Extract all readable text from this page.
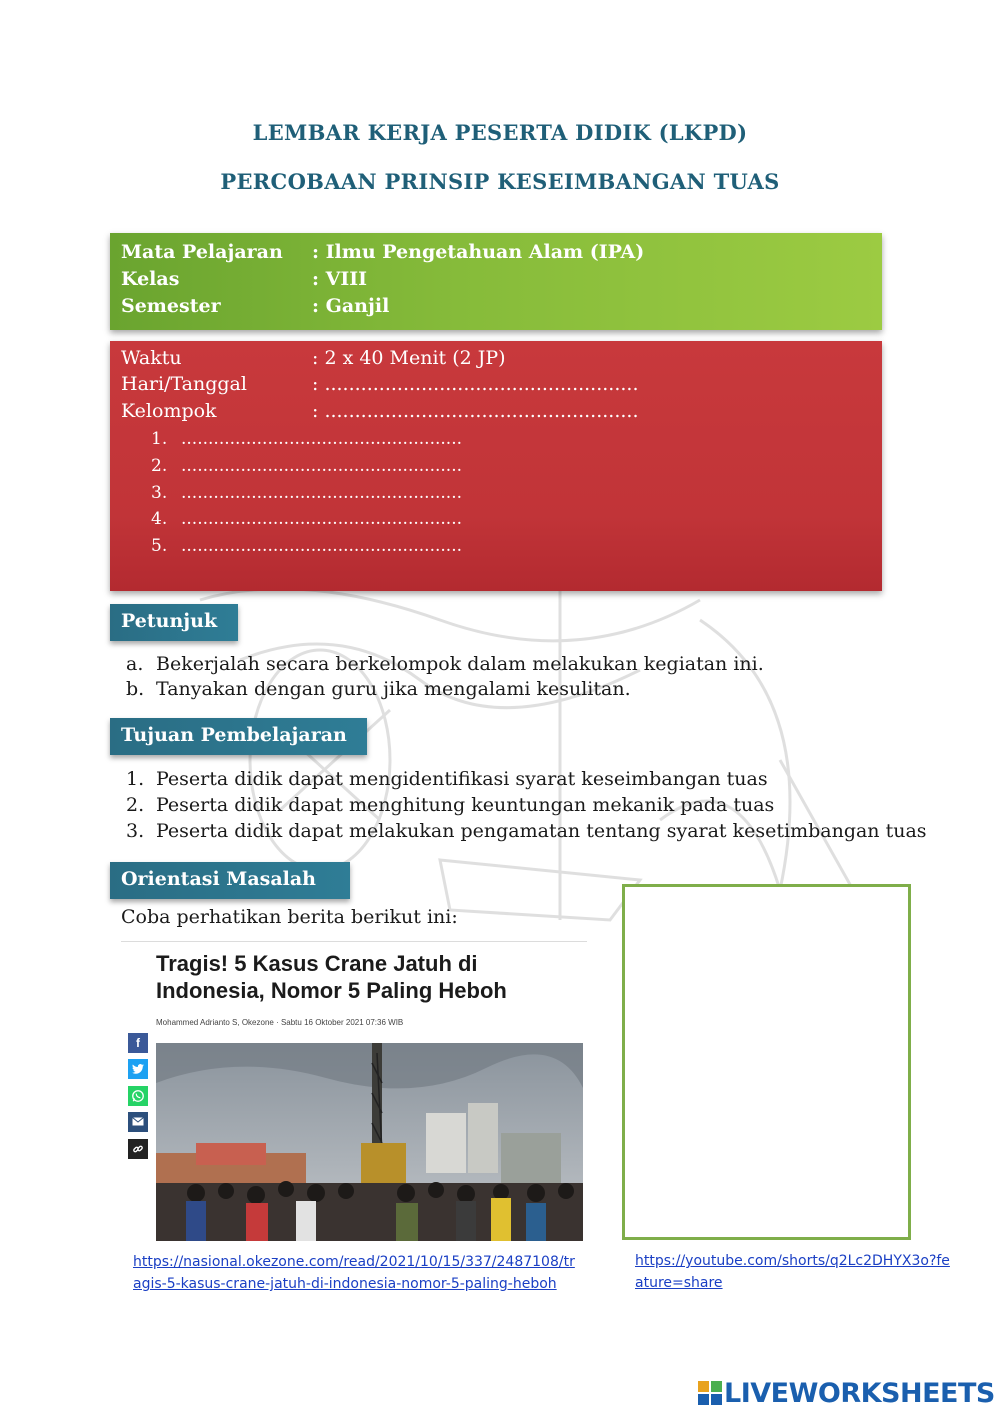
LEMBAR KERJA PESERTA DIDIK (LKPD)
PERCOBAAN PRINSIP KESEIMBANGAN TUAS
Mata Pelajaran : Ilmu Pengetahuan Alam (IPA)
Kelas	: VIII
Semester	: Ganjil
Waktu	: 2 x 40 Menit (2 JP)
Hari/Tanggal	: ....................................................
Kelompok	: ....................................................
1. ....................................................
2. ....................................................
3. ....................................................
4. ....................................................
5. ....................................................
Petunjuk
a. Bekerjalah secara berkelompok dalam melakukan kegiatan ini.
b. Tanyakan dengan guru jika mengalami kesulitan.
Tujuan Pembelajaran
1. Peserta didik dapat mengidentifikasi syarat keseimbangan tuas
2. Peserta didik dapat menghitung keuntungan mekanik pada tuas
3. Peserta didik dapat melakukan pengamatan tentang syarat kesetimbangan tuas
Orientasi Masalah
Coba perhatikan berita berikut ini:
Tragis! 5 Kasus Crane Jatuh di Indonesia, Nomor 5 Paling Heboh
Mohammed Adrianto S, Okezone · Sabtu 16 Oktober 2021 07:36 WIB
f
https://nasional.okezone.com/read/2021/10/15/337/2487108/tr
agis-5-kasus-crane-jatuh-di-indonesia-nomor-5-paling-heboh
https://youtube.com/shorts/q2Lc2DHYX3o?fe
ature=share
LIVEWORKSHEETS
